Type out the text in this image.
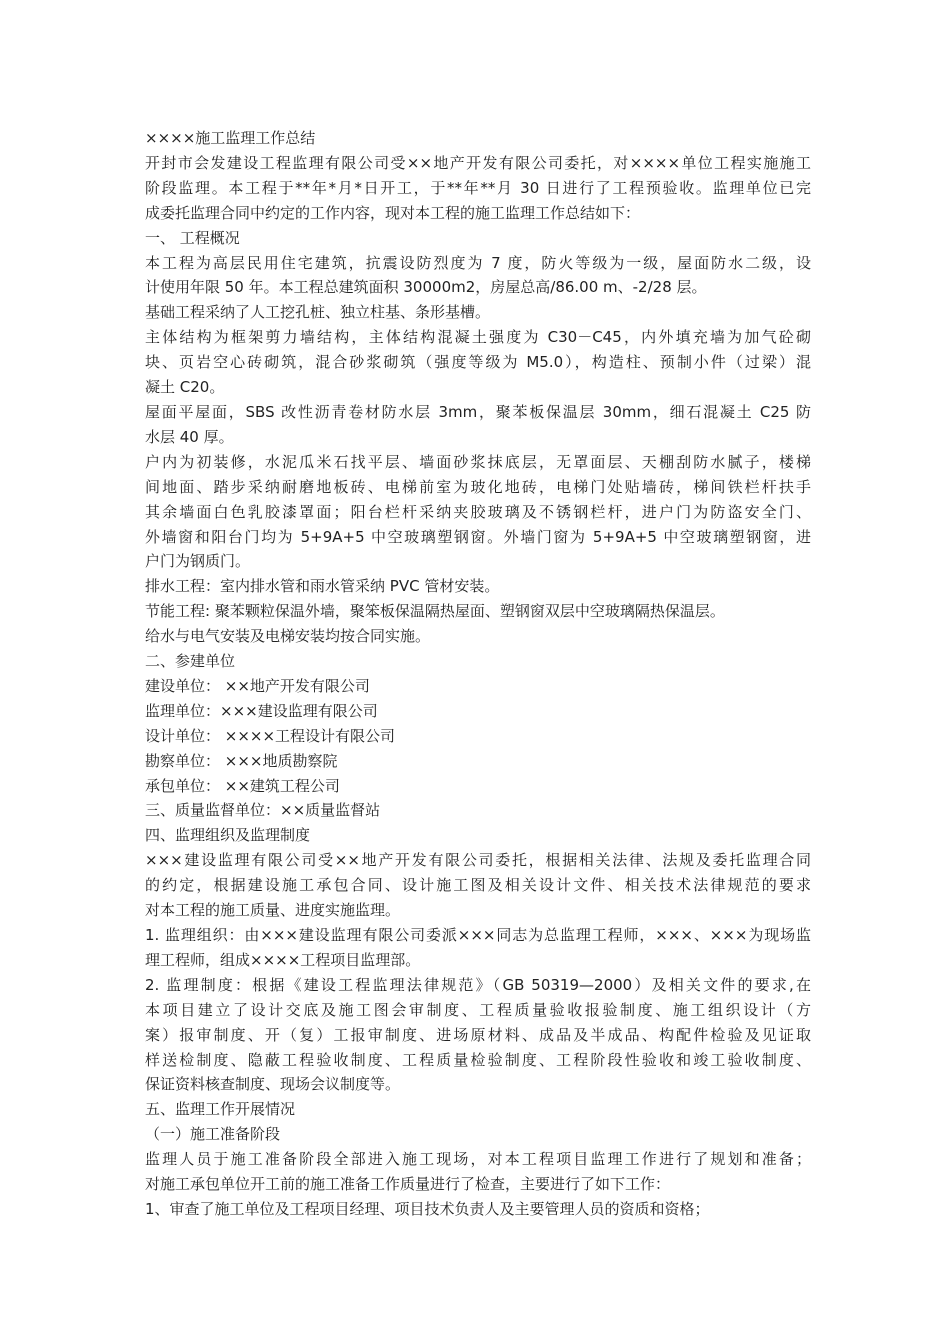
××××施工监理工作总结

开封市会发建设工程监理有限公司受××地产开发有限公司委托，对××××单位工程实施施工
阶段监理。本工程于**年*月*日开工，于**年**月 30 日进行了工程预验收。监理单位已完
成委托监理合同中约定的工作内容，现对本工程的施工监理工作总结如下：

一、 工程概况

本工程为高层民用住宅建筑，抗震设防烈度为 7 度，防火等级为一级，屋面防水二级，设
计使用年限 50 年。本工程总建筑面积 30000m2，房屋总高/86.00 m、-2/28 层。

基础工程采纳了人工挖孔桩、独立柱基、条形基槽。

主体结构为框架剪力墙结构，主体结构混凝土强度为 C30－C45，内外填充墙为加气砼砌
块、页岩空心砖砌筑，混合砂浆砌筑（强度等级为 M5.0），构造柱、预制小件（过梁）混
凝土 C20。

屋面平屋面，SBS 改性沥青卷材防水层 3mm，聚苯板保温层 30mm，细石混凝土 C25 防
水层 40 厚。

户内为初装修，水泥瓜米石找平层、墙面砂浆抹底层，无罩面层、天棚刮防水腻子，楼梯
间地面、踏步采纳耐磨地板砖、电梯前室为玻化地砖，电梯门处贴墙砖，梯间铁栏杆扶手
其余墙面白色乳胶漆罩面；阳台栏杆采纳夹胶玻璃及不锈钢栏杆，进户门为防盗安全门、
外墙窗和阳台门均为 5+9A+5 中空玻璃塑钢窗。外墙门窗为 5+9A+5 中空玻璃塑钢窗，进
户门为钢质门。

排水工程：室内排水管和雨水管采纳 PVC 管材安装。

节能工程: 聚苯颗粒保温外墙，聚笨板保温隔热屋面、塑钢窗双层中空玻璃隔热保温层。

给水与电气安装及电梯安装均按合同实施。

二、参建单位

建设单位： ××地产开发有限公司

监理单位：×××建设监理有限公司

设计单位： ××××工程设计有限公司

勘察单位： ×××地质勘察院

承包单位： ××建筑工程公司

三、质量监督单位：××质量监督站

四、监理组织及监理制度

×××建设监理有限公司受××地产开发有限公司委托，根据相关法律、法规及委托监理合同
的约定，根据建设施工承包合同、设计施工图及相关设计文件、相关技术法律规范的要求
对本工程的施工质量、进度实施监理。

1. 监理组织：由×××建设监理有限公司委派×××同志为总监理工程师，×××、×××为现场监
理工程师，组成××××工程项目监理部。

2. 监理制度：根据《建设工程监理法律规范》（GB 50319—2000）及相关文件的要求,在
本项目建立了设计交底及施工图会审制度、工程质量验收报验制度、施工组织设计（方
案）报审制度、开（复）工报审制度、进场原材料、成品及半成品、构配件检验及见证取
样送检制度、隐蔽工程验收制度、工程质量检验制度、工程阶段性验收和竣工验收制度、
保证资料核查制度、现场会议制度等。

五、监理工作开展情况

（一）施工准备阶段

监理人员于施工准备阶段全部进入施工现场，对本工程项目监理工作进行了规划和准备；
对施工承包单位开工前的施工准备工作质量进行了检查，主要进行了如下工作：

1、审查了施工单位及工程项目经理、项目技术负责人及主要管理人员的资质和资格；
